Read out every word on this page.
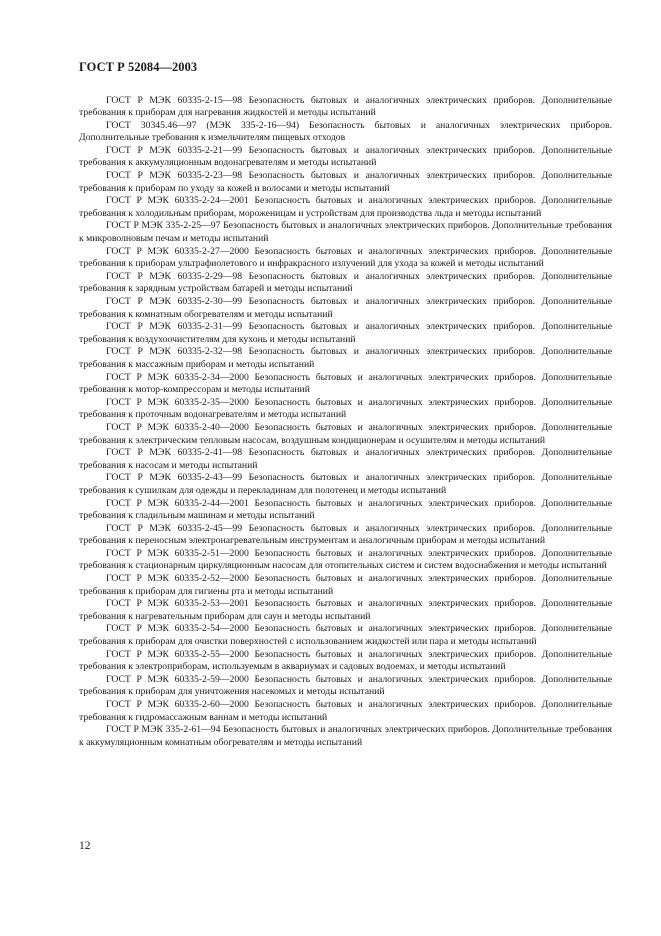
ГОСТ Р 52084—2003

ГОСТ Р МЭК 60335-2-15—98 Безопасность бытовых и аналогичных электрических приборов. Дополнительные требования к приборам для нагревания жидкостей и методы испытаний

ГОСТ 30345.46—97 (МЭК 335-2-16—94) Безопасность бытовых и аналогичных электрических приборов. Дополнительные требования к измельчителям пищевых отходов

ГОСТ Р МЭК 60335-2-21—99 Безопасность бытовых и аналогичных электрических приборов. Дополнительные требования к аккумуляционным водонагревателям и методы испытаний

ГОСТ Р МЭК 60335-2-23—98 Безопасность бытовых и аналогичных электрических приборов. Дополнительные требования к приборам по уходу за кожей и волосами и методы испытаний

ГОСТ Р МЭК 60335-2-24—2001 Безопасность бытовых и аналогичных электрических приборов. Дополнительные требования к холодильным приборам, мороженицам и устройствам для производства льда и методы испытаний

ГОСТ Р МЭК 335-2-25—97 Безопасность бытовых и аналогичных электрических приборов. Дополнительные требования к микроволновым печам и методы испытаний

ГОСТ Р МЭК 60335-2-27—2000 Безопасность бытовых и аналогичных электрических приборов. Дополнительные требования к приборам ультрафиолетового и инфракрасного излучений для ухода за кожей и методы испытаний

ГОСТ Р МЭК 60335-2-29—98 Безопасность бытовых и аналогичных электрических приборов. Дополнительные требования к зарядным устройствам батарей и методы испытаний

ГОСТ Р МЭК 60335-2-30—99 Безопасность бытовых и аналогичных электрических приборов. Дополнительные требования к комнатным обогревателям и методы испытаний

ГОСТ Р МЭК 60335-2-31—99 Безопасность бытовых и аналогичных электрических приборов. Дополнительные требования к воздухоочистителям для кухонь и методы испытаний

ГОСТ Р МЭК 60335-2-32—98 Безопасность бытовых и аналогичных электрических приборов. Дополнительные требования к массажным приборам и методы испытаний

ГОСТ Р МЭК 60335-2-34—2000 Безопасность бытовых и аналогичных электрических приборов. Дополнительные требования к мотор-компрессорам и методы испытаний

ГОСТ Р МЭК 60335-2-35—2000 Безопасность бытовых и аналогичных электрических приборов. Дополнительные требования к проточным водонагревателям и методы испытаний

ГОСТ Р МЭК 60335-2-40—2000 Безопасность бытовых и аналогичных электрических приборов. Дополнительные требования к электрическим тепловым насосам, воздушным кондиционерам и осушителям и методы испытаний

ГОСТ Р МЭК 60335-2-41—98 Безопасность бытовых и аналогичных электрических приборов. Дополнительные требования к насосам и методы испытаний

ГОСТ Р МЭК 60335-2-43—99 Безопасность бытовых и аналогичных электрических приборов. Дополнительные требования к сушилкам для одежды и перекладинам для полотенец и методы испытаний

ГОСТ Р МЭК 60335-2-44—2001 Безопасность бытовых и аналогичных электрических приборов. Дополнительные требования к гладильным машинам и методы испытаний

ГОСТ Р МЭК 60335-2-45—99 Безопасность бытовых и аналогичных электрических приборов. Дополнительные требования к переносным электронагревательным инструментам и аналогичным приборам и методы испытаний

ГОСТ Р МЭК 60335-2-51—2000 Безопасность бытовых и аналогичных электрических приборов. Дополнительные требования к стационарным циркуляционным насосам для отопительных систем и систем водоснабжения и методы испытаний

ГОСТ Р МЭК 60335-2-52—2000 Безопасность бытовых и аналогичных электрических приборов. Дополнительные требования к приборам для гигиены рта и методы испытаний

ГОСТ Р МЭК 60335-2-53—2001 Безопасность бытовых и аналогичных электрических приборов. Дополнительные требования к нагревательным приборам для саун и методы испытаний

ГОСТ Р МЭК 60335-2-54—2000 Безопасность бытовых и аналогичных электрических приборов. Дополнительные требования к приборам для очистки поверхностей с использованием жидкостей или пара и методы испытаний

ГОСТ Р МЭК 60335-2-55—2000 Безопасность бытовых и аналогичных электрических приборов. Дополнительные требования к электроприборам, используемым в аквариумах и садовых водоемах, и методы испытаний

ГОСТ Р МЭК 60335-2-59—2000 Безопасность бытовых и аналогичных электрических приборов. Дополнительные требования к приборам для уничтожения насекомых и методы испытаний

ГОСТ Р МЭК 60335-2-60—2000 Безопасность бытовых и аналогичных электрических приборов. Дополнительные требования к гидромассажным ваннам и методы испытаний

ГОСТ Р МЭК 335-2-61—94 Безопасность бытовых и аналогичных электрических приборов. Дополнительные требования к аккумуляционным комнатным обогревателям и методы испытаний

12
